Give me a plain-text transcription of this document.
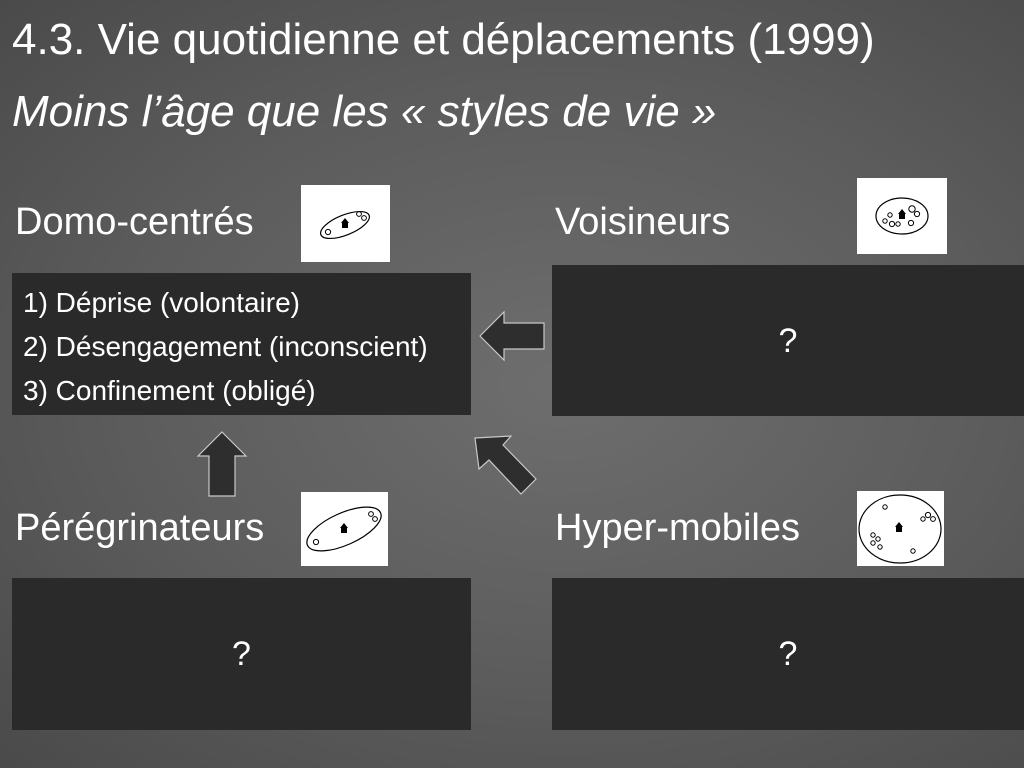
4.3. Vie quotidienne et déplacements (1999)
Moins l’âge que les « styles de vie »
Domo-centrés
1) Déprise (volontaire)
2) Désengagement (inconscient)
3) Confinement (obligé)
Voisineurs
?
Pérégrinateurs
?
Hyper-mobiles
?
